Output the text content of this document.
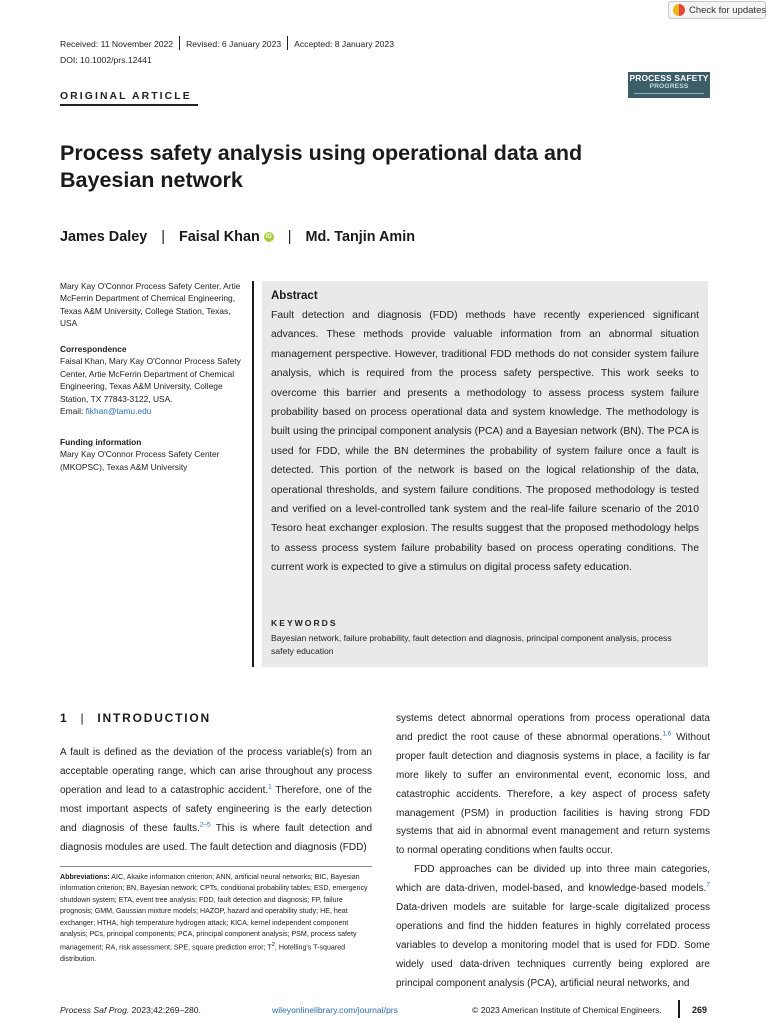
Check for updates
Received: 11 November 2022	Revised: 6 January 2023	Accepted: 8 January 2023
DOI: 10.1002/prs.12441
ORIGINAL ARTICLE
PROCESS SAFETY
PROGRESS
Process safety analysis using operational data and Bayesian network
James Daley | Faisal Khan	iD	| Md. Tanjin Amin
Mary Kay O'Connor Process Safety Center, Artie McFerrin Department of Chemical Engineering, Texas A&M University, College Station, Texas, USA
Correspondence
Faisal Khan, Mary Kay O'Connor Process Safety Center, Artie McFerrin Department of Chemical Engineering, Texas A&M University, College Station, TX 77843-3122, USA.
Email: fikhan@tamu.edu
Funding information
Mary Kay O'Connor Process Safety Center (MKOPSC), Texas A&M University
Abstract
Fault detection and diagnosis (FDD) methods have recently experienced significant advances. These methods provide valuable information from an abnormal situation management perspective. However, traditional FDD methods do not consider system failure analysis, which is required from the process safety perspective. This work seeks to overcome this barrier and presents a methodology to assess process system failure probability based on process operational data and system knowledge. The methodology is built using the principal component analysis (PCA) and a Bayesian network (BN). The PCA is used for FDD, while the BN determines the probability of system failure once a fault is detected. This portion of the network is based on the logical relationship of the data, operational thresholds, and system failure conditions. The proposed methodology is tested and verified on a level-controlled tank system and the real-life failure scenario of the 2010 Tesoro heat exchanger explosion. The results suggest that the proposed methodology helps to assess process system failure probability based on process operating conditions. The current work is expected to give a stimulus on digital process safety education.
KEYWORDS
Bayesian network, failure probability, fault detection and diagnosis, principal component analysis, process safety education
1 | INTRODUCTION

A fault is defined as the deviation of the process variable(s) from an acceptable operating range, which can arise throughout any process operation and lead to a catastrophic accident.$^1$ Therefore, one of the most important aspects of safety engineering is the early detection and diagnosis of these faults.$^{2-5}$ This is where fault detection and diagnosis modules are used. The fault detection and diagnosis (FDD)

Abbreviations: AIC, Akaike information criterion; ANN, artificial neural networks; BIC, Bayesian information criterion; BN, Bayesian network; CPTs, conditional probability tables; ESD, emergency shutdown system; ETA, event tree analysis; FDD, fault detection and diagnosis; FP, failure prognosis; GMM, Gaussian mixture models; HAZOP, hazard and operability study; HE, heat exchanger; HTHA, high temperature hydrogen attack; KICA, kernel independent component analysis; PCs, principal components; PCA, principal component analysis; PSM, process safety management; RA, risk assessment; SPE, square prediction error; $T^2$, Hotelling's T-squared distribution.

systems detect abnormal operations from process operational data and predict the root cause of these abnormal operations.$^{1,6}$ Without proper fault detection and diagnosis systems in place, a facility is far more likely to suffer an environmental event, economic loss, and catastrophic accidents. Therefore, a key aspect of process safety management (PSM) in production facilities is having strong FDD systems that aid in abnormal event management and return systems to normal operating conditions when faults occur.

FDD approaches can be divided up into three main categories, which are data-driven, model-based, and knowledge-based models.$^7$ Data-driven models are suitable for large-scale digitalized process operations and find the hidden features in highly correlated process variables to develop a monitoring model that is used for FDD. Some widely used data-driven techniques currently being explored are principal component analysis (PCA), artificial neural networks, and

Process Saf Prog. 2023;42:269–280.	wileyonlinelibrary.com/journal/prs	© 2023 American Institute of Chemical Engineers.	269
